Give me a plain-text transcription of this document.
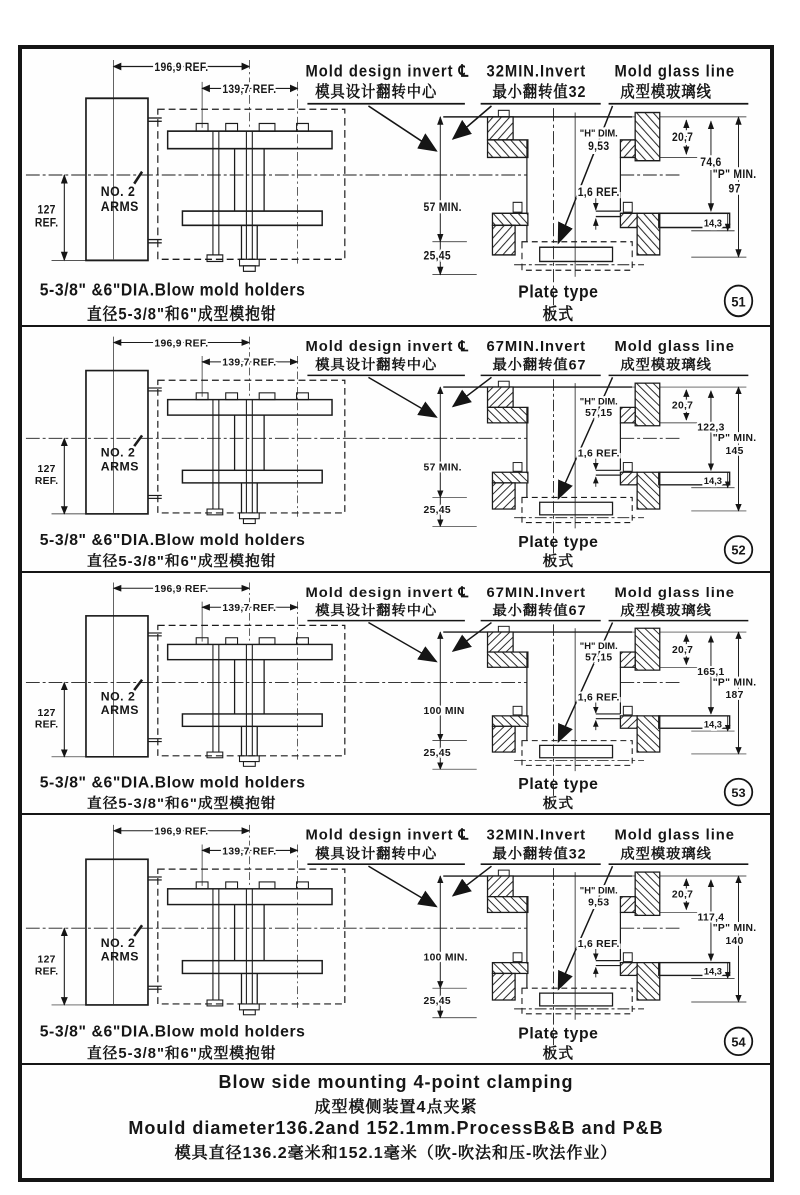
Mold design invert ℄
模具设计翻转中心
32MIN.Invert
最小翻转值32
Mold glass line
成型模玻璃线
196,9 REF.
139,7 REF.
127
REF.
NO. 2
ARMS
"H" DIM.
9,53
20,7
74,6
"P" MIN.
97
14,3
1,6 REF.
57 MIN.
25,45
5-3/8" &6"DIA.Blow mold holders
直径5-3/8"和6"成型模抱钳
Plate type
板式
51
Mold design invert ℄
模具设计翻转中心
67MIN.Invert
最小翻转值67
Mold glass line
成型模玻璃线
196,9 REF.
139,7 REF.
127
REF.
NO. 2
ARMS
"H" DIM.
57,15
20,7
122,3
"P" MIN.
145
14,3
1,6 REF.
57 MIN.
25,45
5-3/8" &6"DIA.Blow mold holders
直径5-3/8"和6"成型模抱钳
Plate type
板式
52
Mold design invert ℄
模具设计翻转中心
67MIN.Invert
最小翻转值67
Mold glass line
成型模玻璃线
196,9 REF.
139,7 REF.
127
REF.
NO. 2
ARMS
"H" DIM.
57,15
20,7
165,1
"P" MIN.
187
14,3
1,6 REF.
100 MIN
25,45
5-3/8" &6"DIA.Blow mold holders
直径5-3/8"和6"成型模抱钳
Plate type
板式
53
Mold design invert ℄
模具设计翻转中心
32MIN.Invert
最小翻转值32
Mold glass line
成型模玻璃线
196,9 REF.
139,7 REF.
127
REF.
NO. 2
ARMS
"H" DIM.
9,53
20,7
117,4
"P" MIN.
140
14,3
1,6 REF.
100 MIN.
25,45
5-3/8" &6"DIA.Blow mold holders
直径5-3/8"和6"成型模抱钳
Plate type
板式
54

Blow side mounting 4-point clamping

成型模侧装置4点夹紧

Mould diameter136.2and 152.1mm.ProcessB&B and P&B

模具直径136.2毫米和152.1毫米（吹-吹法和压-吹法作业）
